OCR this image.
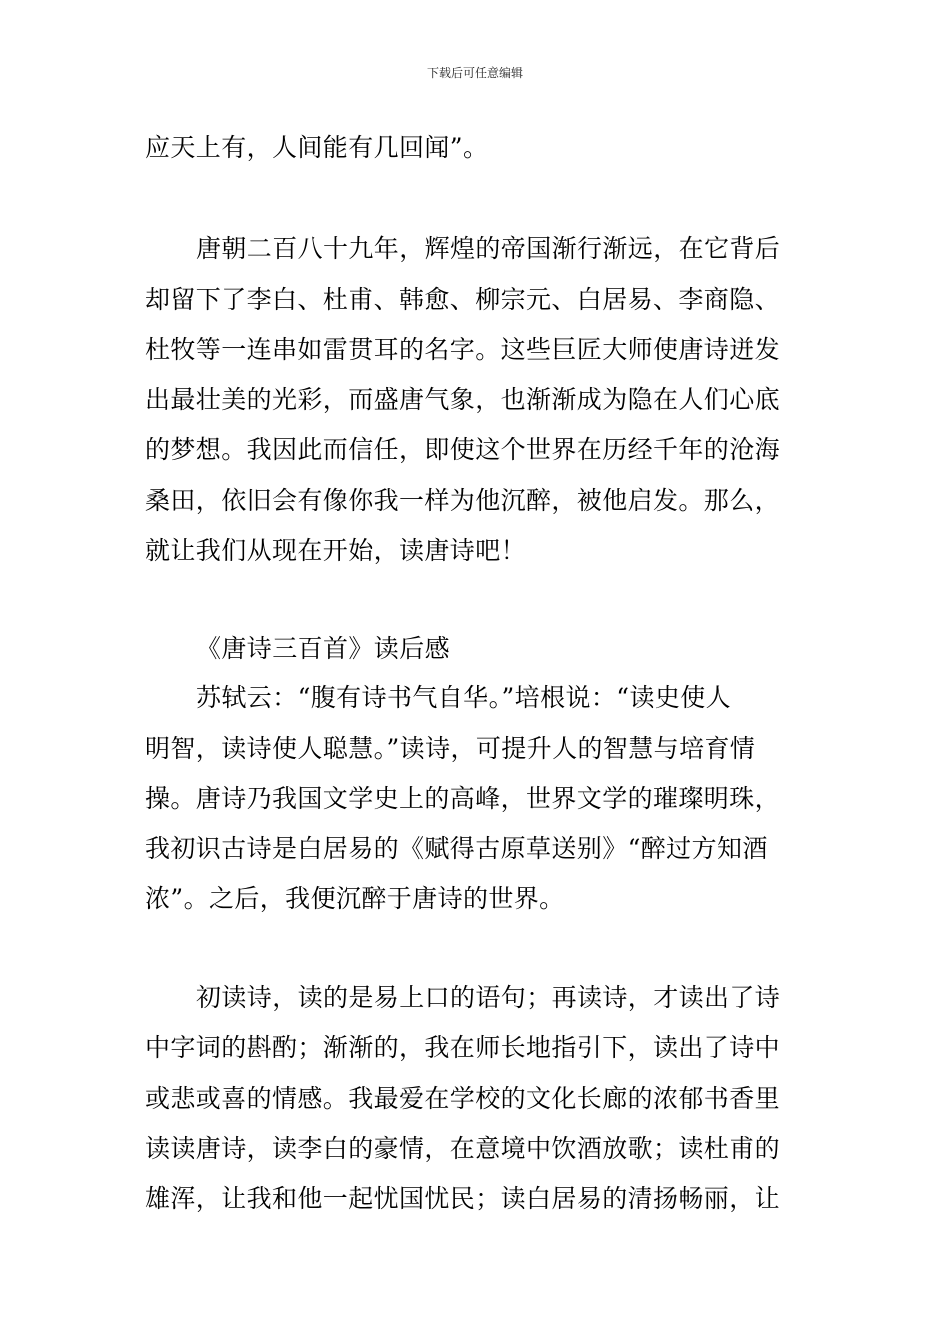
下载后可任意编辑
应天上有，人间能有几回闻”。
唐朝二百八十九年，辉煌的帝国渐行渐远，在它背后
却留下了李白、杜甫、韩愈、柳宗元、白居易、李商隐、
杜牧等一连串如雷贯耳的名字。这些巨匠大师使唐诗迸发
出最壮美的光彩，而盛唐气象，也渐渐成为隐在人们心底
的梦想。我因此而信任，即使这个世界在历经千年的沧海
桑田，依旧会有像你我一样为他沉醉，被他启发。那么，
就让我们从现在开始，读唐诗吧！
《唐诗三百首》读后感
苏轼云：“腹有诗书气自华。”培根说：“读史使人
明智，读诗使人聪慧。”读诗，可提升人的智慧与培育情
操。唐诗乃我国文学史上的高峰，世界文学的璀璨明珠，
我初识古诗是白居易的《赋得古原草送别》“醉过方知酒
浓”。之后，我便沉醉于唐诗的世界。
初读诗，读的是易上口的语句；再读诗，才读出了诗
中字词的斟酌；渐渐的，我在师长地指引下，读出了诗中
或悲或喜的情感。我最爱在学校的文化长廊的浓郁书香里
读读唐诗，读李白的豪情，在意境中饮酒放歌；读杜甫的
雄浑，让我和他一起忧国忧民；读白居易的清扬畅丽，让
